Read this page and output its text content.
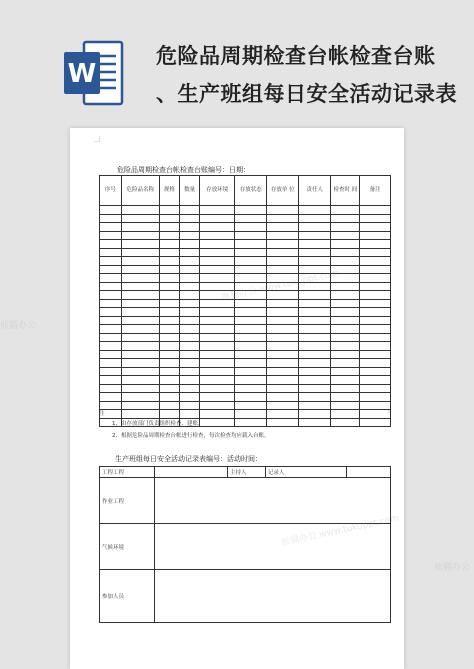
W
危险品周期检查台帐检查台账
、生产班组每日安全活动记录表
危险品周期检查台帐检查台账编号：日期：
序号	危险品名称	规格	数量	存放环境	存放状态	存放单 位	责任人	检查时 间	备注

注	:
1、由存放部门负责组织检查、建账。
2、根据危险品周期检查台帐进行检查，每次检查均应载入台账。
生产班组每日安全活动记录表编号：活动时间：
工程工程		主持人	记录人	
作业工程				
气候环境				
参加人员				
熊猫办公 www.tukuppt.com
熊猫办公 www.tukuppt.com
熊猫办公
熊猫办公
